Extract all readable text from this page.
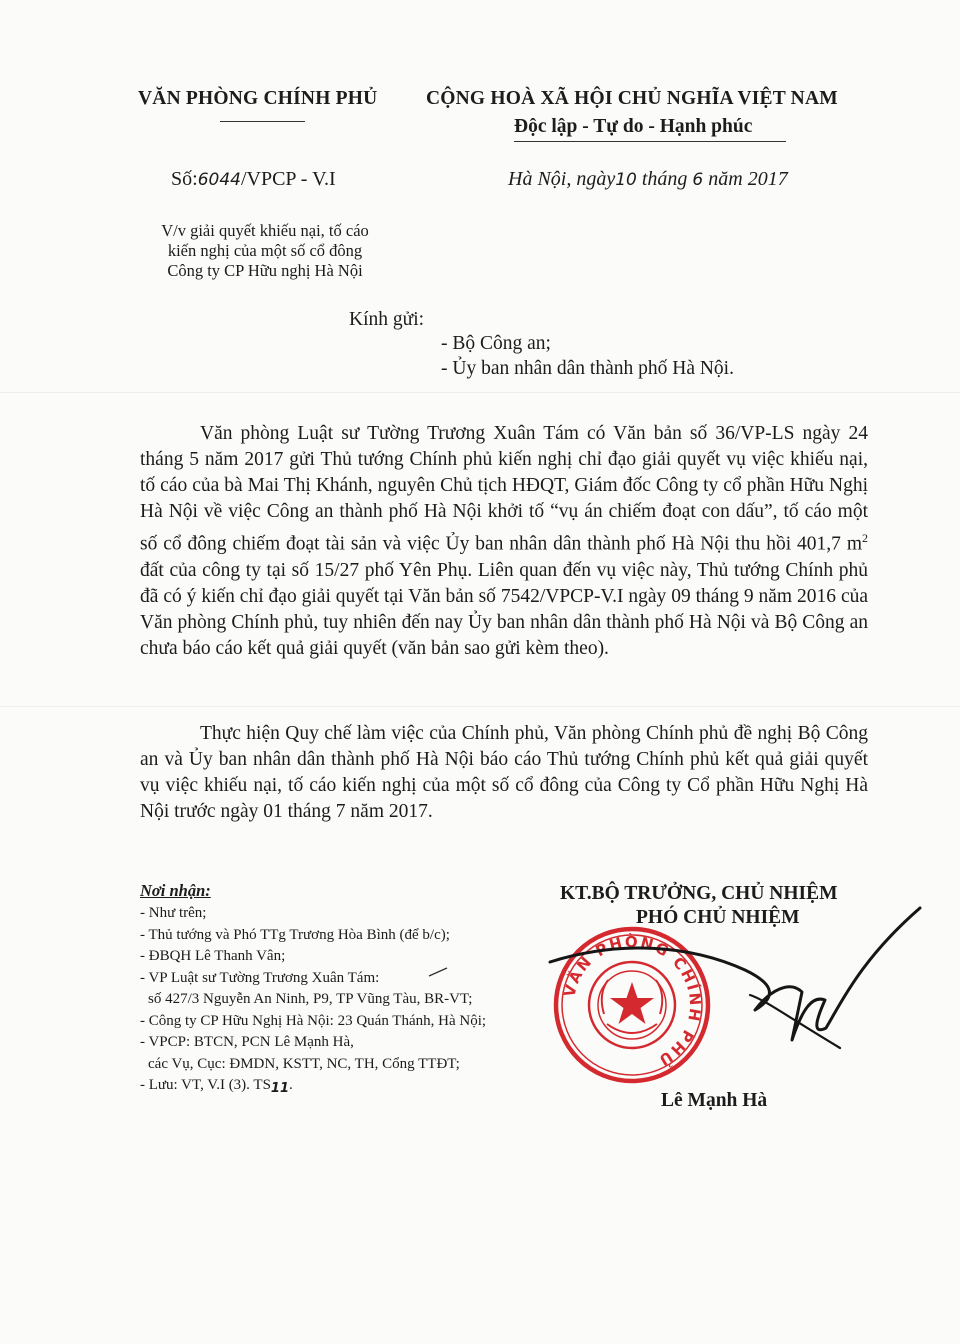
VĂN PHÒNG CHÍNH PHỦ CỘNG HOÀ XÃ HỘI CHỦ NGHĨA VIỆT NAM

Độc lập - Tự do - Hạnh phúc

Số:6044/VPCP - V.I	Hà Nội, ngày10 tháng 6 năm 2017

V/v giải quyết khiếu nại, tố cáo
kiến nghị của một số cổ đông
Công ty CP Hữu nghị Hà Nội

Kính gửi:

- Bộ Công an;

- Ủy ban nhân dân thành phố Hà Nội.

Văn phòng Luật sư Tường Trương Xuân Tám có Văn bản số 36/VP-LS ngày 24 tháng 5 năm 2017 gửi Thủ tướng Chính phủ kiến nghị chỉ đạo giải quyết vụ việc khiếu nại, tố cáo của bà Mai Thị Khánh, nguyên Chủ tịch HĐQT, Giám đốc Công ty cổ phần Hữu Nghị Hà Nội về việc Công an thành phố Hà Nội khởi tố “vụ án chiếm đoạt con dấu”, tố cáo một số cổ đông chiếm đoạt tài sản và việc Ủy ban nhân dân thành phố Hà Nội thu hồi 401,7 $m^2$ đất của công ty tại số 15/27 phố Yên Phụ. Liên quan đến vụ việc này, Thủ tướng Chính phủ đã có ý kiến chỉ đạo giải quyết tại Văn bản số 7542/VPCP-V.I ngày 09 tháng 9 năm 2016 của Văn phòng Chính phủ, tuy nhiên đến nay Ủy ban nhân dân thành phố Hà Nội và Bộ Công an chưa báo cáo kết quả giải quyết (văn bản sao gửi kèm theo).

Thực hiện Quy chế làm việc của Chính phủ, Văn phòng Chính phủ đề nghị Bộ Công an và Ủy ban nhân dân thành phố Hà Nội báo cáo Thủ tướng Chính phủ kết quả giải quyết vụ việc khiếu nại, tố cáo kiến nghị của một số cổ đông của Công ty Cổ phần Hữu Nghị Hà Nội trước ngày 01 tháng 7 năm 2017.

Nơi nhận:

- Như trên;
- Thủ tướng và Phó TTg Trương Hòa Bình (để b/c);
- ĐBQH Lê Thanh Vân;
- VP Luật sư Tường Trương Xuân Tám:
số 427/3 Nguyễn An Ninh, P9, TP Vũng Tàu, BR-VT;
- Công ty CP Hữu Nghị Hà Nội: 23 Quán Thánh, Hà Nội;
- VPCP: BTCN, PCN Lê Mạnh Hà,
các Vụ, Cục: ĐMDN, KSTT, NC, TH, Cổng TTĐT;
- Lưu: VT, V.I (3). TS11.

KT.BỘ TRƯỞNG, CHỦ NHIỆM

PHÓ CHỦ NHIỆM

VĂN PHÒNG CHÍNH PHỦ

Lê Mạnh Hà
